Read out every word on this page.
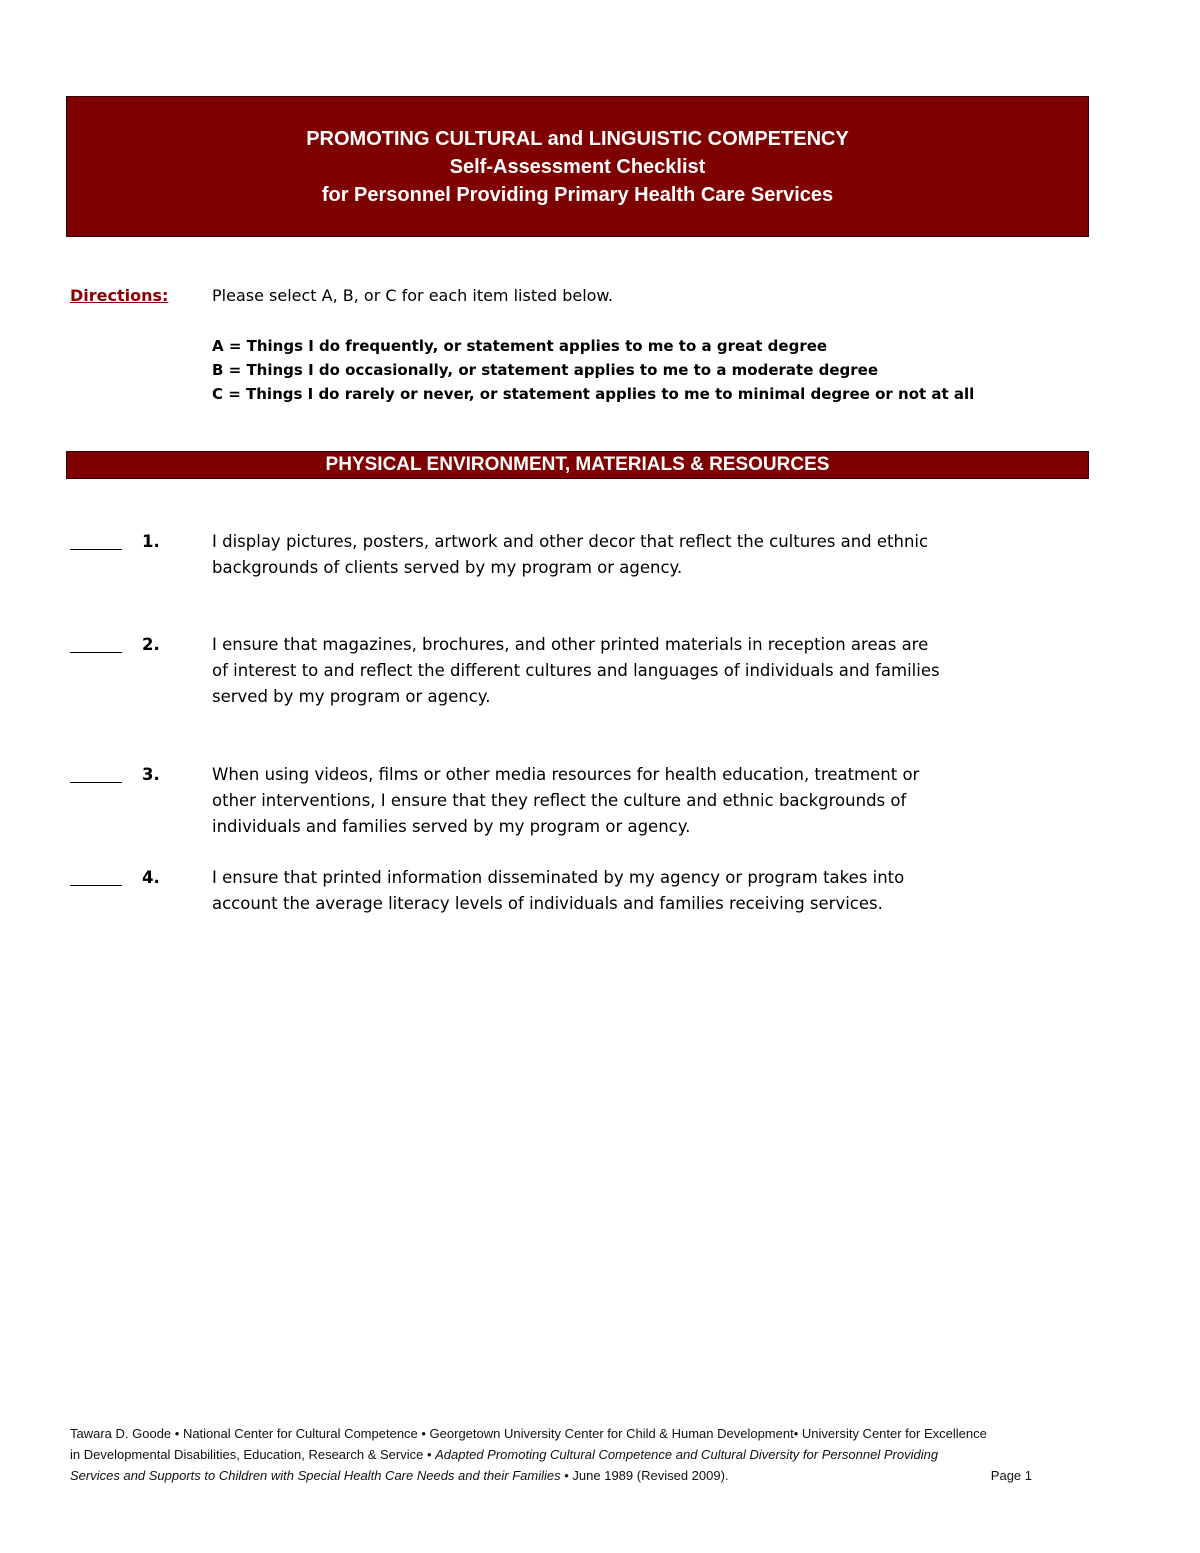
PROMOTING CULTURAL and LINGUISTIC COMPETENCY
Self-Assessment Checklist
for Personnel Providing Primary Health Care Services
Directions:	Please select A, B, or C for each item listed below.
A = Things I do frequently, or statement applies to me to a great degree
B = Things I do occasionally, or statement applies to me to a moderate degree
C = Things I do rarely or never, or statement applies to me to minimal degree or not at all
PHYSICAL ENVIRONMENT, MATERIALS & RESOURCES
1.	I display pictures, posters, artwork and other decor that reflect the cultures and ethnic backgrounds of clients served by my program or agency.
2.	I ensure that magazines, brochures, and other printed materials in reception areas are of interest to and reflect the different cultures and languages of individuals and families served by my program or agency.
3.	When using videos, films or other media resources for health education, treatment or other interventions, I ensure that they reflect the culture and ethnic backgrounds of individuals and families served by my program or agency.
4.	I ensure that printed information disseminated by my agency or program takes into account the average literacy levels of individuals and families receiving services.
Tawara D. Goode • National Center for Cultural Competence • Georgetown University Center for Child & Human Development• University Center for Excellence
in Developmental Disabilities, Education, Research & Service • Adapted Promoting Cultural Competence and Cultural Diversity for Personnel Providing
Services and Supports to Children with Special Health Care Needs and their Families • June 1989 (Revised 2009).	Page 1
